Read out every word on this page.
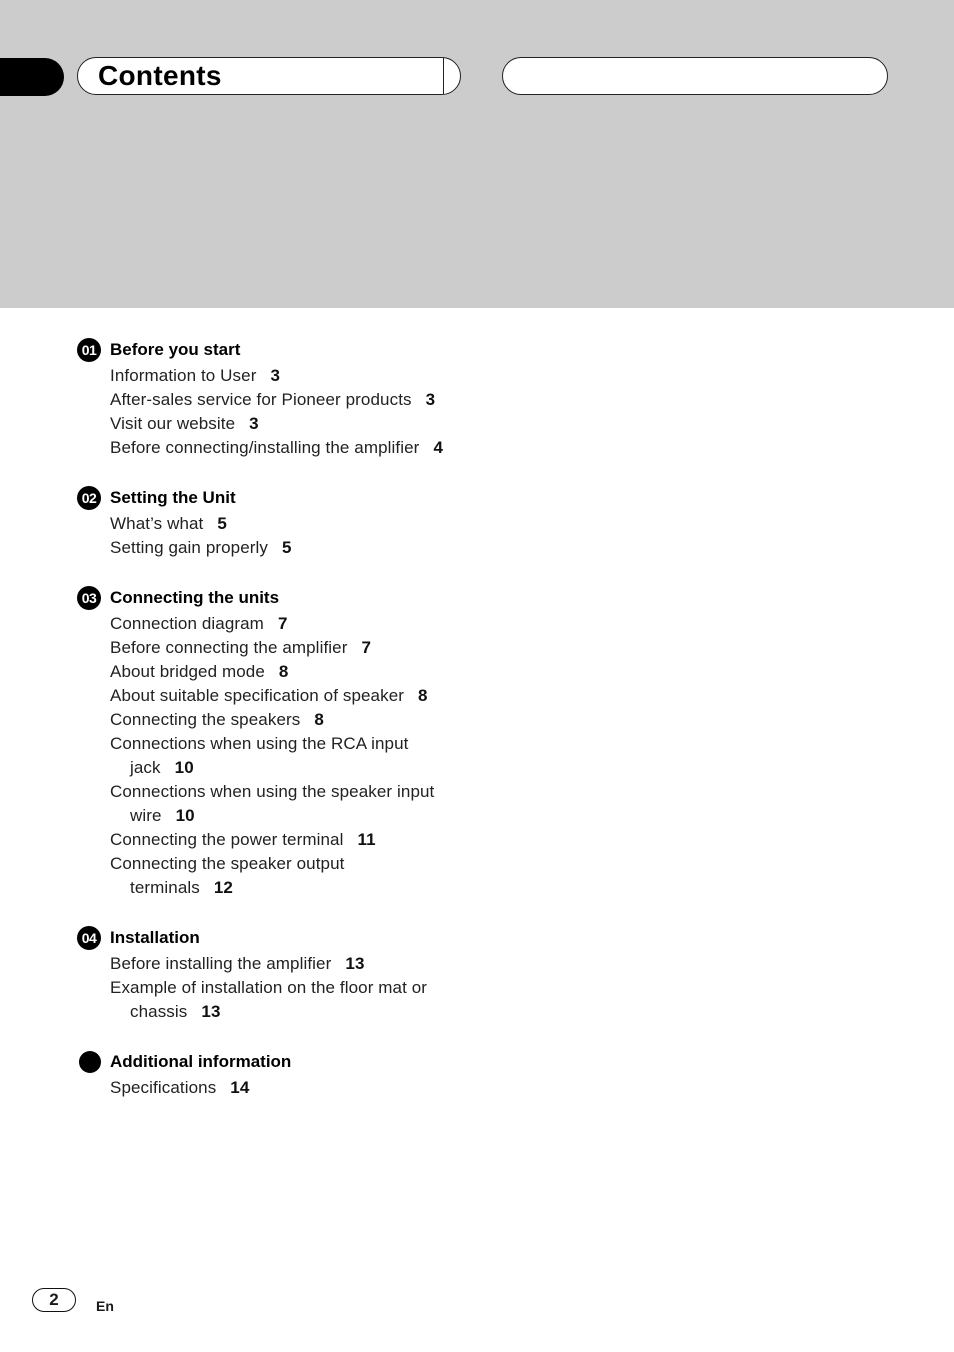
Contents
01 Before you start
Information to User 3
After-sales service for Pioneer products 3
Visit our website 3
Before connecting/installing the amplifier 4
02 Setting the Unit
What’s what 5
Setting gain properly 5
03 Connecting the units
Connection diagram 7
Before connecting the amplifier 7
About bridged mode 8
About suitable specification of speaker 8
Connecting the speakers 8
Connections when using the RCA input
jack 10
Connections when using the speaker input
wire 10
Connecting the power terminal 11
Connecting the speaker output
terminals 12
04 Installation
Before installing the amplifier 13
Example of installation on the floor mat or
chassis 13
Additional information
Specifications 14
2	En
